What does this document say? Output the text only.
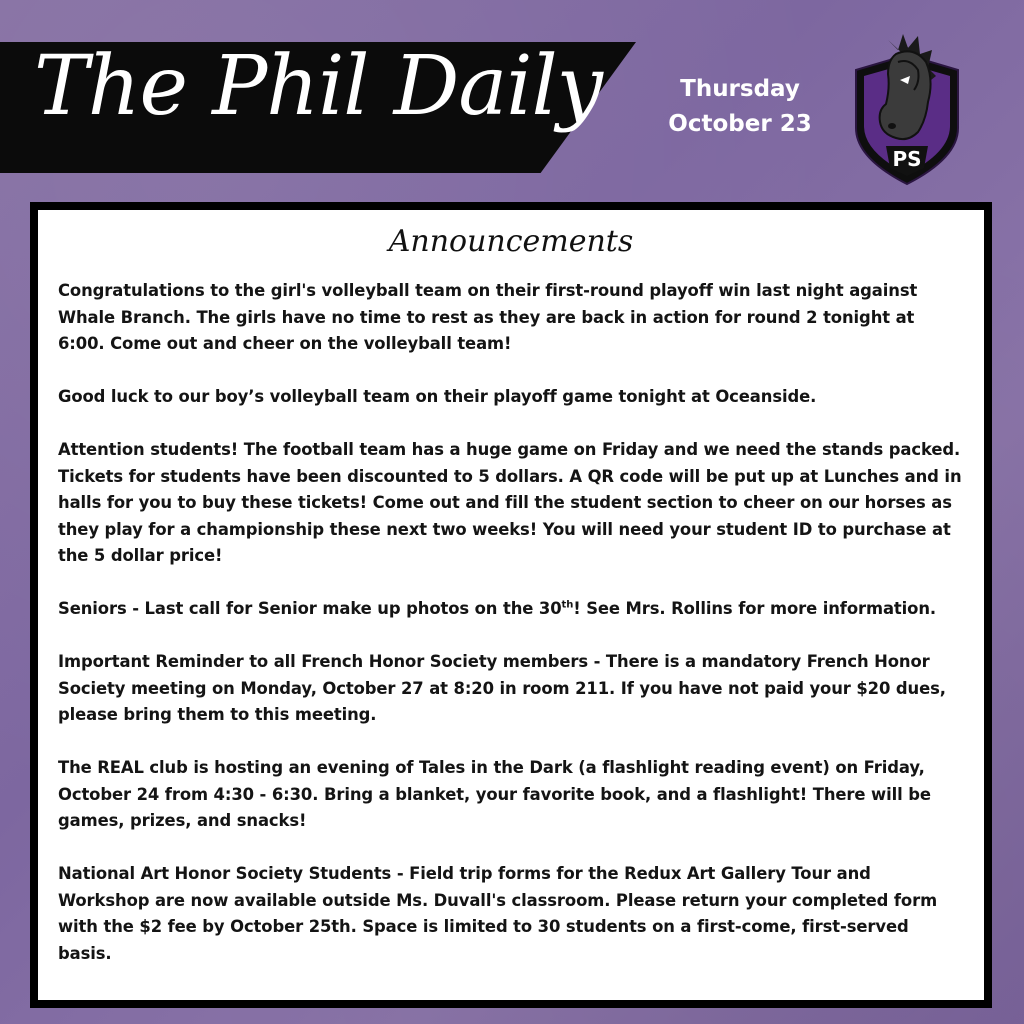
The Phil Daily	Thursday
October 23
PS
Announcements

Congratulations to the girl's volleyball team on their first-round playoff win last night against Whale Branch. The girls have no time to rest as they are back in action for round 2 tonight at 6:00. Come out and cheer on the volleyball team!

Good luck to our boy’s volleyball team on their playoff game tonight at Oceanside.

Attention students! The football team has a huge game on Friday and we need the stands packed. Tickets for students have been discounted to 5 dollars. A QR code will be put up at Lunches and in halls for you to buy these tickets! Come out and fill the student section to cheer on our horses as they play for a championship these next two weeks! You will need your student ID to purchase at the 5 dollar price!

Seniors - Last call for Senior make up photos on the 30th! See Mrs. Rollins for more information.

Important Reminder to all French Honor Society members - There is a mandatory French Honor Society meeting on Monday, October 27 at 8:20 in room 211. If you have not paid your $20 dues, please bring them to this meeting.

The REAL club is hosting an evening of Tales in the Dark (a flashlight reading event) on Friday, October 24 from 4:30 - 6:30. Bring a blanket, your favorite book, and a flashlight! There will be games, prizes, and snacks!

National Art Honor Society Students - Field trip forms for the Redux Art Gallery Tour and Workshop are now available outside Ms. Duvall's classroom. Please return your completed form with the $2 fee by October 25th. Space is limited to 30 students on a first-come, first-served basis.
